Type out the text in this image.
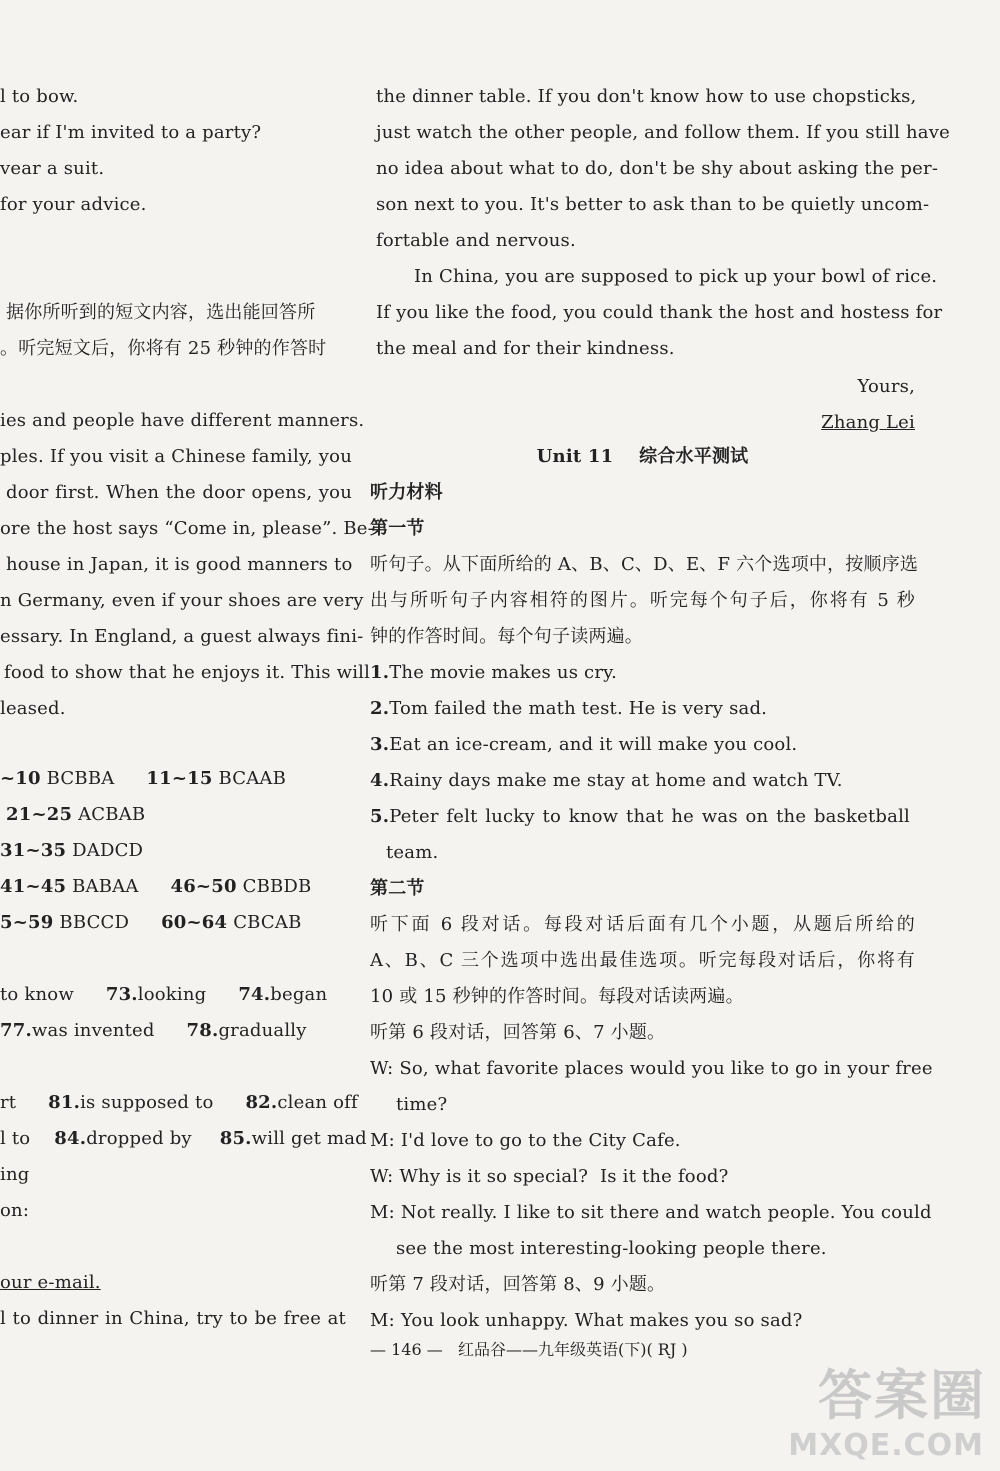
l to bow.
ear if I'm invited to a party?
vear a suit.
for your advice.
据你所听到的短文内容，选出能回答所
。听完短文后，你将有 25 秒钟的作答时
ies and people have different manners.
ples. If you visit a Chinese family, you
door first. When the door opens, you
ore the host says “Come in, please”. Be-
house in Japan, it is good manners to
n Germany, even if your shoes are very
essary. In England, a guest always fini-
food to show that he enjoys it. This will
leased.
~10 BCBBA 11~15 BCAAB
21~25 ACBAB
31~35 DADCD
41~45 BABAA 46~50 CBBDB
5~59 BBCCD 60~64 CBCAB
to know 73.looking 74.began
77.was invented 78.gradually
rt 81.is supposed to 82.clean off
l to 84.dropped by 85.will get mad
ing
on:
our e-mail.
l to dinner in China, try to be free at
the dinner table. If you don't know how to use chopsticks,
just watch the other people, and follow them. If you still have
no idea about what to do, don't be shy about asking the per-
son next to you. It's better to ask than to be quietly uncom-
fortable and nervous.
In China, you are supposed to pick up your bowl of rice.
If you like the food, you could thank the host and hostess for
the meal and for their kindness.
Yours,
Zhang Lei
Unit 11    综合水平测试
听力材料
第一节
听句子。从下面所给的 A、B、C、D、E、F 六个选项中，按顺序选
出与所听句子内容相符的图片。听完每个句子后，你将有 5 秒
钟的作答时间。每个句子读两遍。
1.The movie makes us cry.
2.Tom failed the math test. He is very sad.
3.Eat an ice-cream, and it will make you cool.
4.Rainy days make me stay at home and watch TV.
5.Peter felt lucky to know that he was on the basketball
team.
第二节
听下面 6 段对话。每段对话后面有几个小题，从题后所给的
A、B、C 三个选项中选出最佳选项。听完每段对话后，你将有
10 或 15 秒钟的作答时间。每段对话读两遍。
听第 6 段对话，回答第 6、7 小题。
W: So, what favorite places would you like to go in your free
time?
M: I'd love to go to the City Cafe.
W: Why is it so special?  Is it the food?
M: Not really. I like to sit there and watch people. You could
see the most interesting-looking people there.
听第 7 段对话，回答第 8、9 小题。
M: You look unhappy. What makes you so sad?
— 146 —   红品谷——九年级英语(下)( RJ )
答案圈
MXQE.COM
